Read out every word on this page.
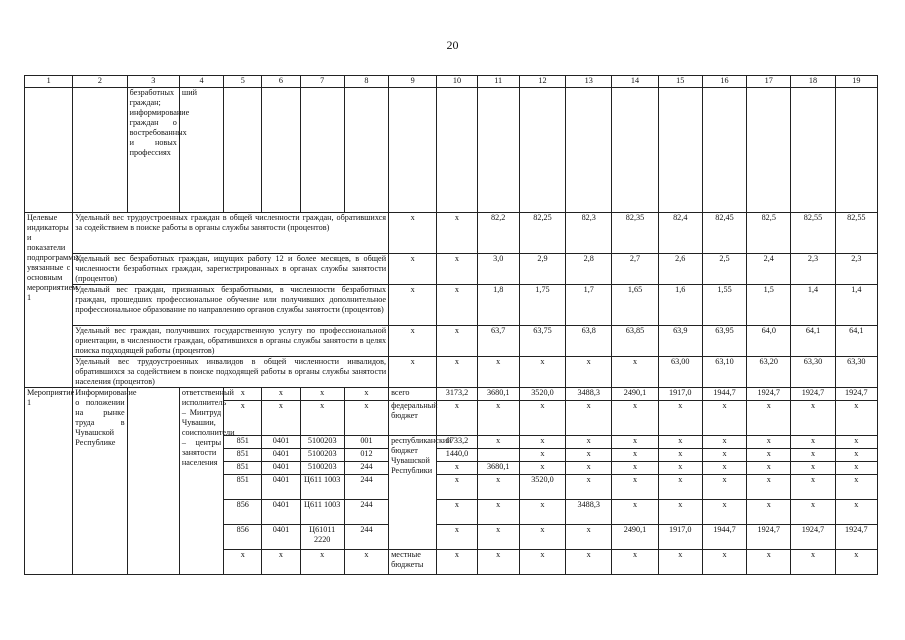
20
1	2	3	4	5	6	7	8	9	10	11	12	13	14	15	16	17	18	19
		безработных граждан; информирование граждан о востребованных и новых профессиях	ший															
Целевые индикаторы и показатели подпрограммы, увязанные с основным мероприятием 1	Удельный вес трудоустроенных граждан в общей численности граждан, обратившихся за содействием в поиске работы в органы службы занятости (процентов)							x	x	82,2	82,25	82,3	82,35	82,4	82,45	82,5	82,55	82,55
	Удельный вес безработных граждан, ищущих работу 12 и более месяцев, в общей численности безработных граждан, зарегистрированных в органах службы занятости (процентов)							x	x	3,0	2,9	2,8	2,7	2,6	2,5	2,4	2,3	2,3
	Удельный вес граждан, признанных безработными, в численности безработных граждан, прошедших профессиональное обучение или получивших дополнительное профессиональное образование по направлению органов службы занятости (процентов)							x	x	1,8	1,75	1,7	1,65	1,6	1,55	1,5	1,4	1,4
	Удельный вес граждан, получивших государственную услугу по профессиональной ориентации, в численности граждан, обратившихся в органы службы занятости в целях поиска подходящей работы (процентов)							x	x	63,7	63,75	63,8	63,85	63,9	63,95	64,0	64,1	64,1
	Удельный вес трудоустроенных инвалидов в общей численности инвалидов, обратившихся за содействием в поиске подходящей работы в органы службы занятости населения (процентов)							x	x	x	x	x	x	63,00	63,10	63,20	63,30	63,30
Мероприятие 1	Информирование о положении на рынке труда в Чувашской Республике		ответственный исполнитель – Минтруд Чувашии, соисполнители – центры занятости населения	x	x	x	x	всего	3173,2	3680,1	3520,0	3488,3	2490,1	1917,0	1944,7	1924,7	1924,7	1924,7
				x	x	x	x	федеральный бюджет	x	x	x	x	x	x	x	x	x	x
				851	0401	5100203	001	республиканский бюджет Чувашской Республики	1733,2	x	x	x	x	x	x	x	x	x
				851	0401	5100203	012		1440,0		x	x	x	x	x	x	x	x
				851	0401	5100203	244		x	3680,1	x	x	x	x	x	x	x	x
				851	0401	Ц611 1003	244		x	x	3520,0	x	x	x	x	x	x	x
				856	0401	Ц611 1003	244		x	x	x	3488,3	x	x	x	x	x	x
				856	0401	Ц61011 2220	244		x	x	x	x	2490,1	1917,0	1944,7	1924,7	1924,7	1924,7
				x	x	x	x	местные бюджеты	x	x	x	x	x	x	x	x	x	x
